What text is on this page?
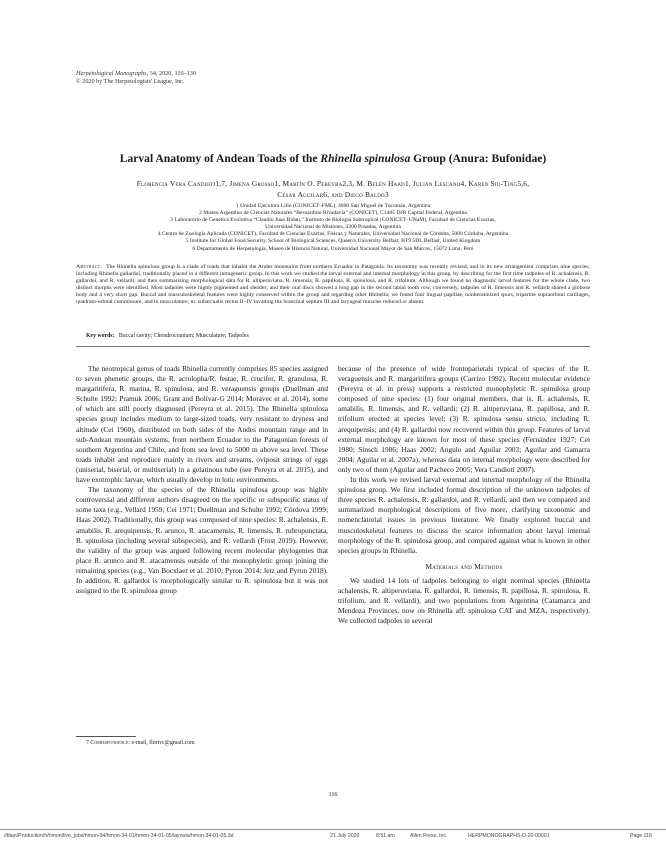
Herpetological Monographs, 34, 2020, 116–130
© 2020 by The Herpetologists' League, Inc.
Larval Anatomy of Andean Toads of the Rhinella spinulosa Group (Anura: Bufonidae)
Florencia Vera Candioti1,7, Jimena Grosso1, Martín O. Pereyra2,3, M. Belén Haad1, Julián Lescano4, Karen Siu-Ting5,6,
César Aguilar6, and Diego Baldo3
1 Unidad Ejecutora Lillo (CONICET–FML), 4000 San Miguel de Tucumán, Argentina
2 Museo Argentino de Ciencias Naturales “Bernardino Rivadavia” (CONICET), C1405 DJR Capital Federal, Argentina
3 Laboratorio de Genética Evolutiva “Claudio Juan Bidau,” Instituto de Biología Subtropical (CONICET–UNaM), Facultad de Ciencias Exactas,
Universidad Nacional de Misiones, 3300 Posadas, Argentina
4 Centro de Zoología Aplicada (CONICET), Facultad de Ciencias Exactas, Físicas y Naturales, Universidad Nacional de Córdoba, 5000 Córdoba, Argentina
5 Institute for Global Food Security, School of Biological Sciences, Queen's University Belfast, BT9 5DL Belfast, United Kingdom
6 Departamento de Herpetología, Museo de Historia Natural, Universidad Nacional Mayor de San Marcos, 15072 Lima, Perú
Abstract: The Rhinella spinulosa group is a clade of toads that inhabit the Andes mountains from northern Ecuador to Patagonia. Its taxonomy was recently revised, and in its new arrangement comprises nine species, including Rhinella gallardoi, traditionally placed in a different intrageneric group. In this work we studied the larval external and internal morphology in this group, by describing for the first time tadpoles of R. achalensis, R. gallardoi, and R. vellardi, and then summarizing morphological data for R. altiperuviana, R. limensis, R. papillosa, R. spinulosa, and R. trifolium. Although we found no diagnostic larval features for the whole clade, two distinct morphs were identified. Most tadpoles were highly pigmented and slender; and their oral discs showed a long gap in the second labial tooth row; conversely, tadpoles of R. limensis and R. vellardi shared a globose body and a very short gap. Buccal and musculoskeletal features were highly conserved within the group and regarding other Rhinella; we found four lingual papillae, nonkeratinized spurs, tripartite supraorbital cartilages, quadrato-orbital commissure, and in musculature, m. subarcualis rectus II–IV invading the branchial septum III and laryngeal muscles reduced or absent.
Key words: Buccal cavity; Chondrocranium; Musculature; Tadpoles

The neotropical genus of toads Rhinella currently comprises 85 species assigned to seven phenetic groups, the R. acrolopha/R. festae, R. crucifer, R. granulosa, R. margaritifera, R. marina, R. spinulosa, and R. veraguensis groups (Duellman and Schulte 1992; Pramuk 2006; Grant and Bolívar-G 2014; Moravec et al. 2014), some of which are still poorly diagnosed (Pereyra et al. 2015). The Rhinella spinulosa species group includes medium to large-sized toads, very resistant to dryness and altitude (Cei 1960), distributed on both sides of the Andes mountain range and in sub-Andean mountain systems, from northern Ecuador to the Patagonian forests of southern Argentina and Chile, and from sea level to 5000 m above sea level. These toads inhabit and reproduce mainly in rivers and streams, oviposit strings of eggs (uniserial, biserial, or multiserial) in a gelatinous tube (see Pereyra et al. 2015), and have exotrophic larvae, which usually develop in lotic environments.

The taxonomy of the species of the Rhinella spinulosa group was highly controversial and different authors disagreed on the specific or subspecific status of some taxa (e.g., Vellard 1959; Cei 1971; Duellman and Schulte 1992; Córdova 1999; Haas 2002). Traditionally, this group was composed of nine species: R. achalensis, R. amabilis, R. arequipensis, R. arunco, R. atacamensis, R. limensis, R. rubropunctata, R. spinulosa (including several subspecies), and R. vellardi (Frost 2019). However, the validity of the group was argued following recent molecular phylogenies that place R. arunco and R. atacamensis outside of the monophyletic group joining the remaining species (e.g., Van Bocxlaer et al. 2010; Pyron 2014; Jetz and Pyron 2018). In addition, R. gallardoi is morphologically similar to R. spinulosa but it was not assigned to the R. spinulosa group

because of the presence of wide frontoparietals typical of species of the R. veraguensis and R. margaritifera groups (Carrizo 1992). Recent molecular evidence (Pereyra et al. in press) supports a restricted monophyletic R. spinulosa group composed of nine species: (1) four original members, that is, R. achalensis, R. amabilis, R. limensis, and R. vellardi; (2) R. altiperuviana, R. papillosa, and R. trifolium erected at species level; (3) R. spinulosa sensu stricto, including R. arequipensis; and (4) R. gallardoi now recovered within this group. Features of larval external morphology are known for most of these species (Fernández 1927; Cei 1980; Sinsch 1986; Haas 2002; Angulo and Aguilar 2003; Aguilar and Gamarra 2004; Aguilar et al. 2007a), whereas data on internal morphology were described for only two of them (Aguilar and Pacheco 2005; Vera Candioti 2007).

In this work we revised larval external and internal morphology of the Rhinella spinulosa group. We first included formal description of the unknown tadpoles of three species R. achalensis, R. gallardoi, and R. vellardi, and then we compared and summarized morphological descriptions of five more, clarifying taxonomic and nomenclatorial issues in previous literature. We finally explored buccal and musculoskeletal features to discuss the scarce information about larval internal morphology of the R. spinulosa group, and compared against what is known in other species groups in Rhinella.

Materials and Methods

We studied 14 lots of tadpoles belonging to eight nominal species (Rhinella achalensis, R. altiperuviana, R. gallardoi, R. limensis, R. papillosa, R. spinulosa, R. trifolium, and R. vellardi), and two populations from Argentina (Catamarca and Mendoza Provinces, now on Rhinella aff. spinulosa CAT and MZA, respectively). We collected tadpoles in several

7 Correspondence: e-mail, florivc@gmail.com
116
//titan/Production/h/hmon/live_jobs/hmon-34/hmon-34-01/hmon-34-01-05/layouts/hmon-34-01-05.3d	21 July 2020	8:51 am	Allen Press, Inc.	HERPMONOGRAPHS-D-20-00001	Page 116
